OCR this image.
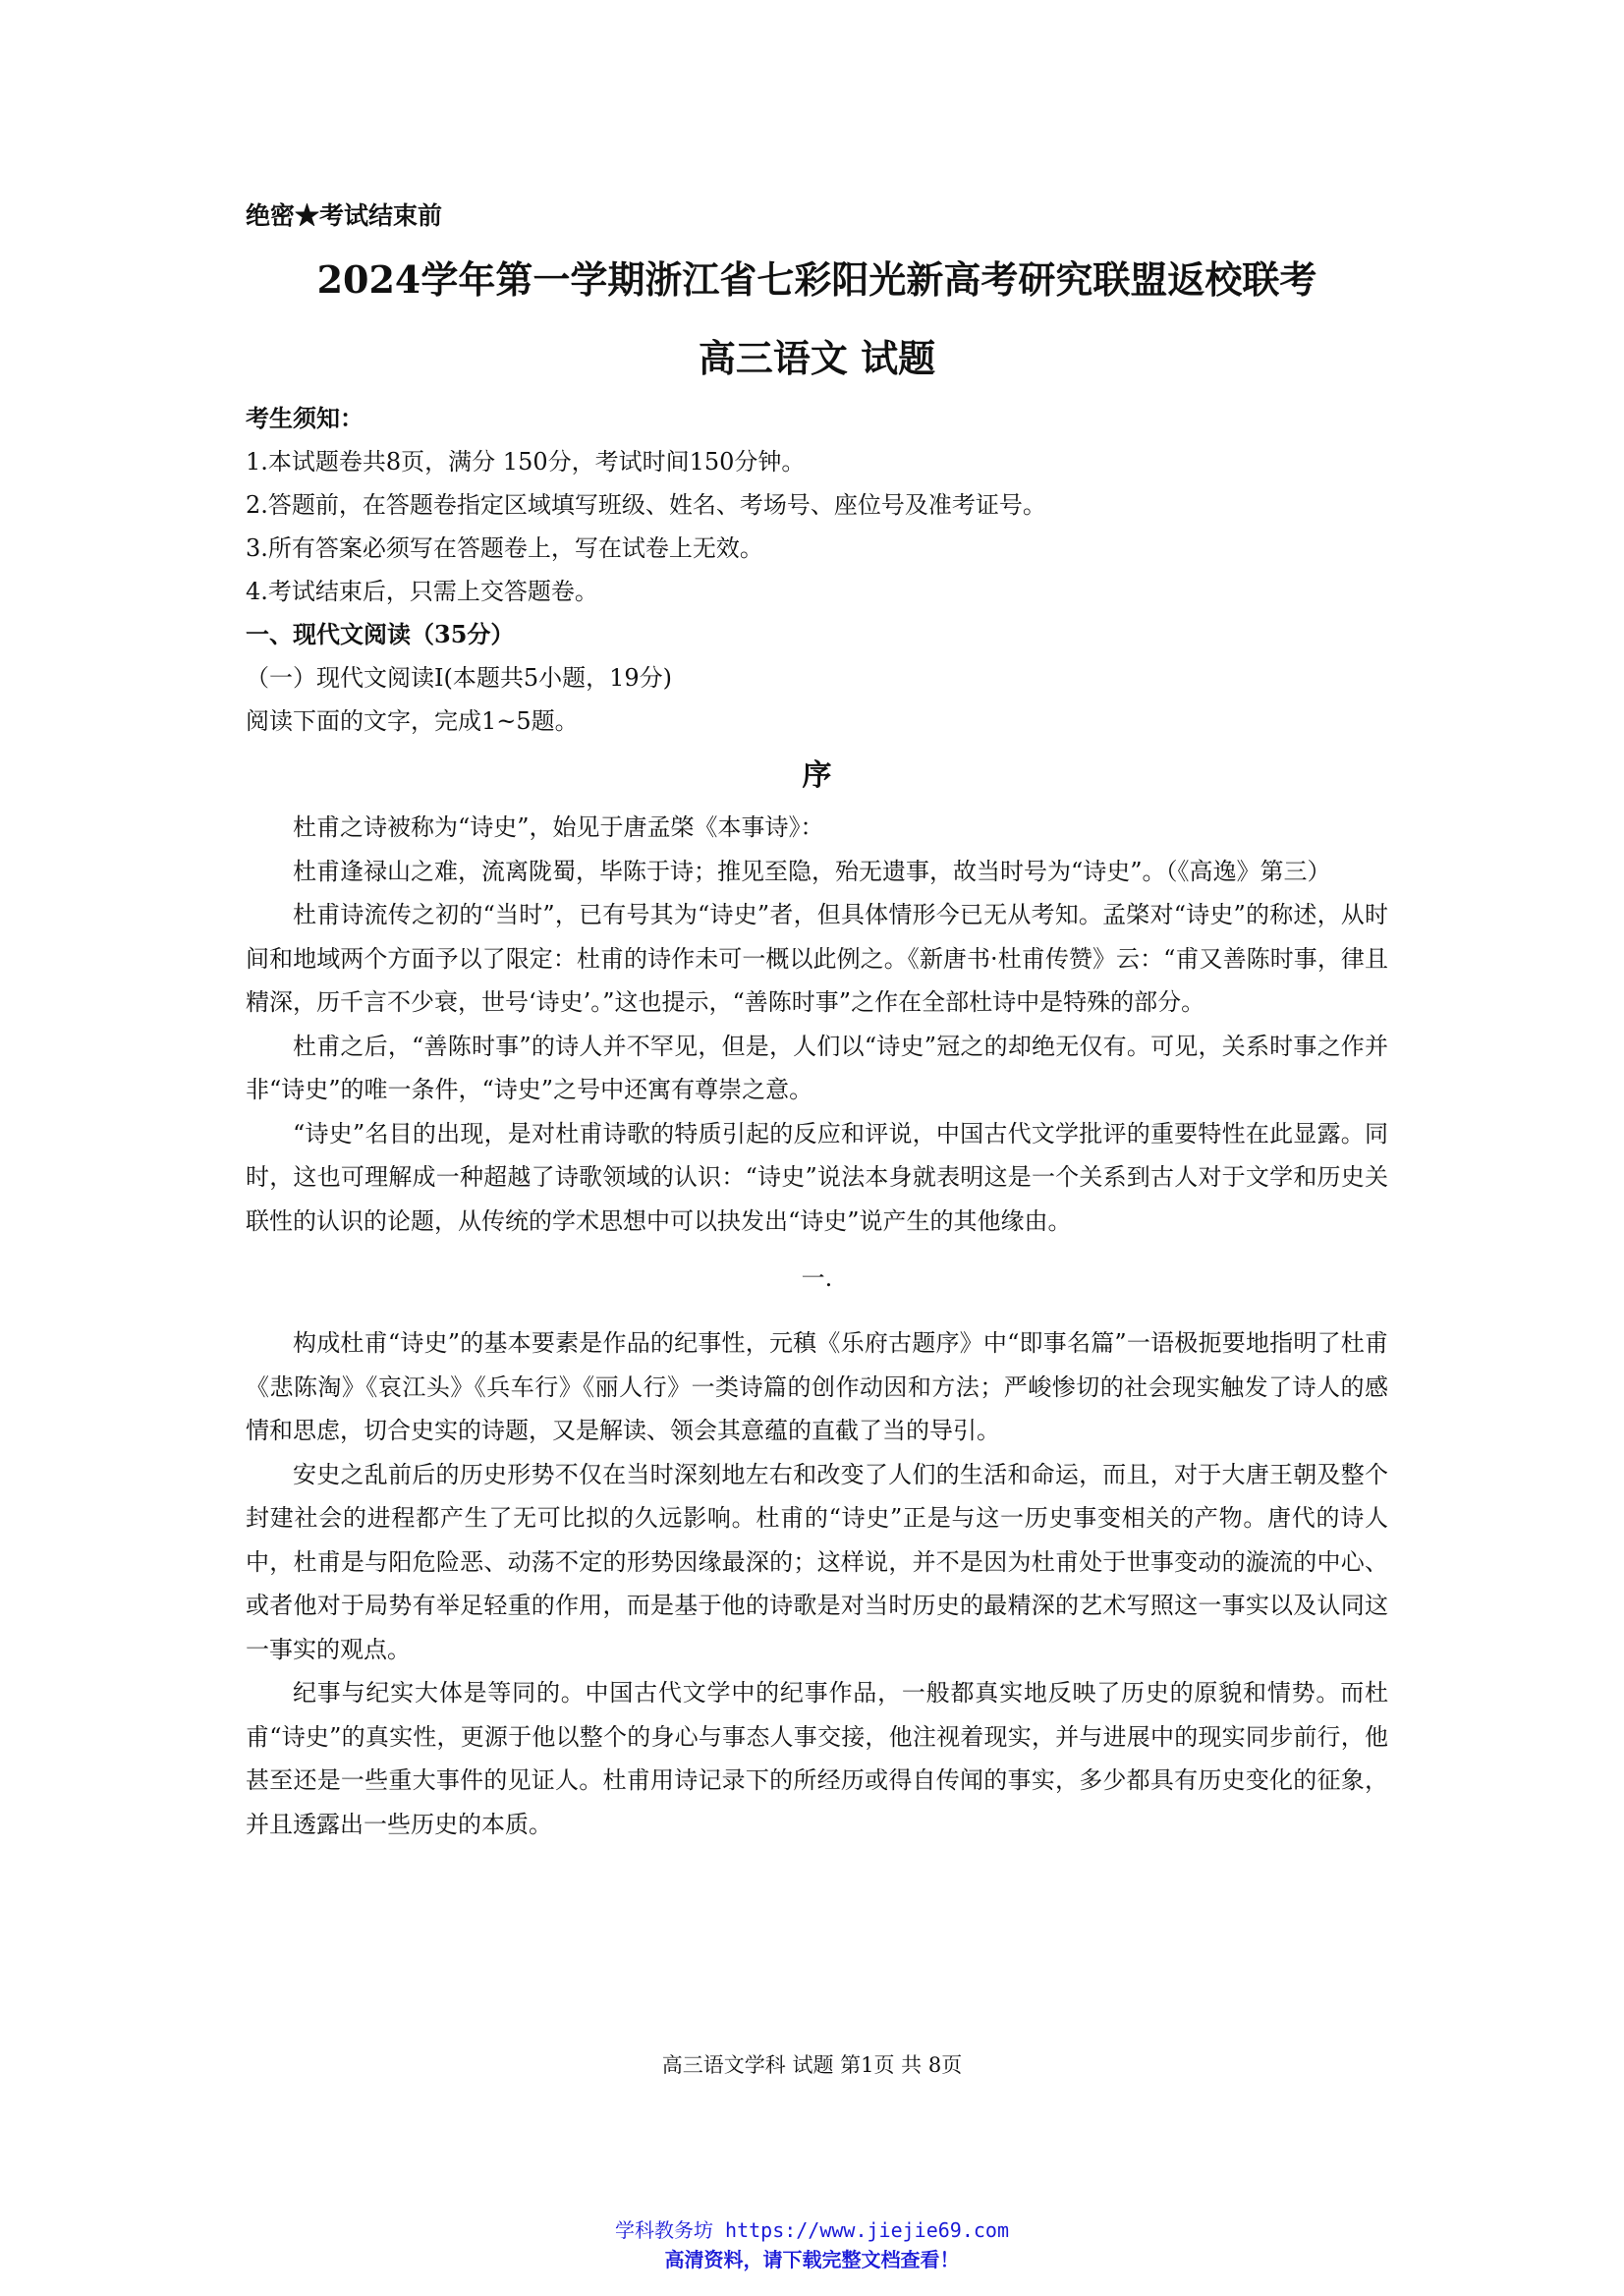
绝密★考试结束前
2024学年第一学期浙江省七彩阳光新高考研究联盟返校联考
高三语文 试题
考生须知：
1.本试题卷共8页，满分 150分，考试时间150分钟。
2.答题前，在答题卷指定区域填写班级、姓名、考场号、座位号及准考证号。
3.所有答案必须写在答题卷上，写在试卷上无效。
4.考试结束后，只需上交答题卷。
一、现代文阅读（35分）
（一）现代文阅读Ⅰ(本题共5小题，19分)
阅读下面的文字，完成1~5题。
序

杜甫之诗被称为“诗史”，始见于唐孟棨《本事诗》：

杜甫逢禄山之难，流离陇蜀，毕陈于诗；推见至隐，殆无遗事，故当时号为“诗史”。（《高逸》第三）

杜甫诗流传之初的“当时”，已有号其为“诗史”者，但具体情形今已无从考知。孟棨对“诗史”的称述，从时间和地域两个方面予以了限定：杜甫的诗作未可一概以此例之。《新唐书·杜甫传赞》云：“甫又善陈时事，律且精深，历千言不少衰，世号‘诗史’。”这也提示，“善陈时事”之作在全部杜诗中是特殊的部分。

杜甫之后，“善陈时事”的诗人并不罕见，但是，人们以“诗史”冠之的却绝无仅有。可见，关系时事之作并非“诗史”的唯一条件，“诗史”之号中还寓有尊崇之意。

“诗史”名目的出现，是对杜甫诗歌的特质引起的反应和评说，中国古代文学批评的重要特性在此显露。同时，这也可理解成一种超越了诗歌领域的认识：“诗史”说法本身就表明这是一个关系到古人对于文学和历史关联性的认识的论题，从传统的学术思想中可以抉发出“诗史”说产生的其他缘由。

一.

构成杜甫“诗史”的基本要素是作品的纪事性，元稹《乐府古题序》中“即事名篇”一语极扼要地指明了杜甫《悲陈淘》《哀江头》《兵车行》《丽人行》一类诗篇的创作动因和方法；严峻惨切的社会现实触发了诗人的感情和思虑，切合史实的诗题，又是解读、领会其意蕴的直截了当的导引。

安史之乱前后的历史形势不仅在当时深刻地左右和改变了人们的生活和命运，而且，对于大唐王朝及整个封建社会的进程都产生了无可比拟的久远影响。杜甫的“诗史”正是与这一历史事变相关的产物。唐代的诗人中，杜甫是与阳危险恶、动荡不定的形势因缘最深的；这样说，并不是因为杜甫处于世事变动的漩流的中心、或者他对于局势有举足轻重的作用，而是基于他的诗歌是对当时历史的最精深的艺术写照这一事实以及认同这一事实的观点。

纪事与纪实大体是等同的。中国古代文学中的纪事作品，一般都真实地反映了历史的原貌和情势。而杜甫“诗史”的真实性，更源于他以整个的身心与事态人事交接，他注视着现实，并与进展中的现实同步前行，他甚至还是一些重大事件的见证人。杜甫用诗记录下的所经历或得自传闻的事实，多少都具有历史变化的征象，并且透露出一些历史的本质。

高三语文学科 试题 第1页 共 8页
学科教务坊 https://www.jiejie69.com
高清资料，请下载完整文档查看！
